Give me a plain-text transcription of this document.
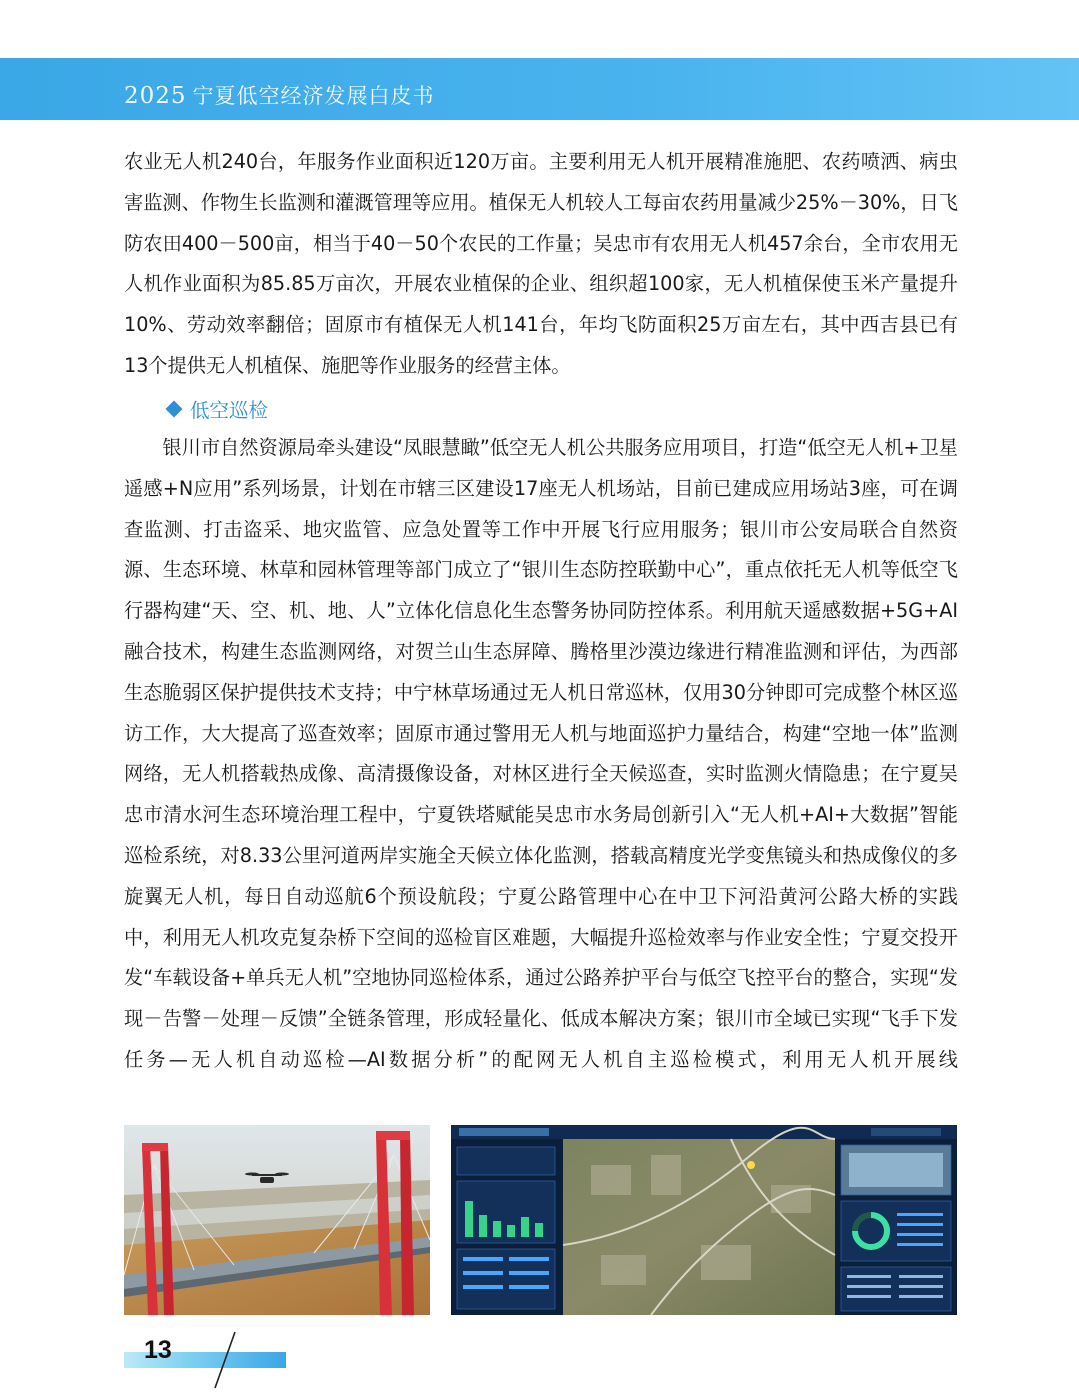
2025 宁夏低空经济发展白皮书
农业无人机240台，年服务作业面积近120万亩。主要利用无人机开展精准施肥、农药喷洒、病虫害监测、作物生长监测和灌溉管理等应用。植保无人机较人工每亩农药用量减少25%－30%，日飞防农田400－500亩，相当于40－50个农民的工作量；吴忠市有农用无人机457余台，全市农用无人机作业面积为85.85万亩次，开展农业植保的企业、组织超100家，无人机植保使玉米产量提升10%、劳动效率翻倍；固原市有植保无人机141台，年均飞防面积25万亩左右，其中西吉县已有13个提供无人机植保、施肥等作业服务的经营主体。
低空巡检
银川市自然资源局牵头建设“凤眼慧瞰”低空无人机公共服务应用项目，打造“低空无人机+卫星遥感+N应用”系列场景，计划在市辖三区建设17座无人机场站，目前已建成应用场站3座，可在调查监测、打击盗采、地灾监管、应急处置等工作中开展飞行应用服务；银川市公安局联合自然资源、生态环境、林草和园林管理等部门成立了“银川生态防控联勤中心”，重点依托无人机等低空飞行器构建“天、空、机、地、人”立体化信息化生态警务协同防控体系。利用航天遥感数据+5G+AI融合技术，构建生态监测网络，对贺兰山生态屏障、腾格里沙漠边缘进行精准监测和评估，为西部生态脆弱区保护提供技术支持；中宁林草场通过无人机日常巡林，仅用30分钟即可完成整个林区巡访工作，大大提高了巡查效率；固原市通过警用无人机与地面巡护力量结合，构建“空地一体”监测网络，无人机搭载热成像、高清摄像设备，对林区进行全天候巡查，实时监测火情隐患；在宁夏吴忠市清水河生态环境治理工程中，宁夏铁塔赋能吴忠市水务局创新引入“无人机+AI+大数据”智能巡检系统，对8.33公里河道两岸实施全天候立体化监测，搭载高精度光学变焦镜头和热成像仪的多旋翼无人机，每日自动巡航6个预设航段；宁夏公路管理中心在中卫下河沿黄河公路大桥的实践中，利用无人机攻克复杂桥下空间的巡检盲区难题，大幅提升巡检效率与作业安全性；宁夏交投开发“车载设备+单兵无人机”空地协同巡检体系，通过公路养护平台与低空飞控平台的整合，实现“发现－告警－处理－反馈”全链条管理，形成轻量化、低成本解决方案；银川市全域已实现“飞手下发任务—无人机自动巡检—AI数据分析”的配网无人机自主巡检模式，利用无人机开展线
13
